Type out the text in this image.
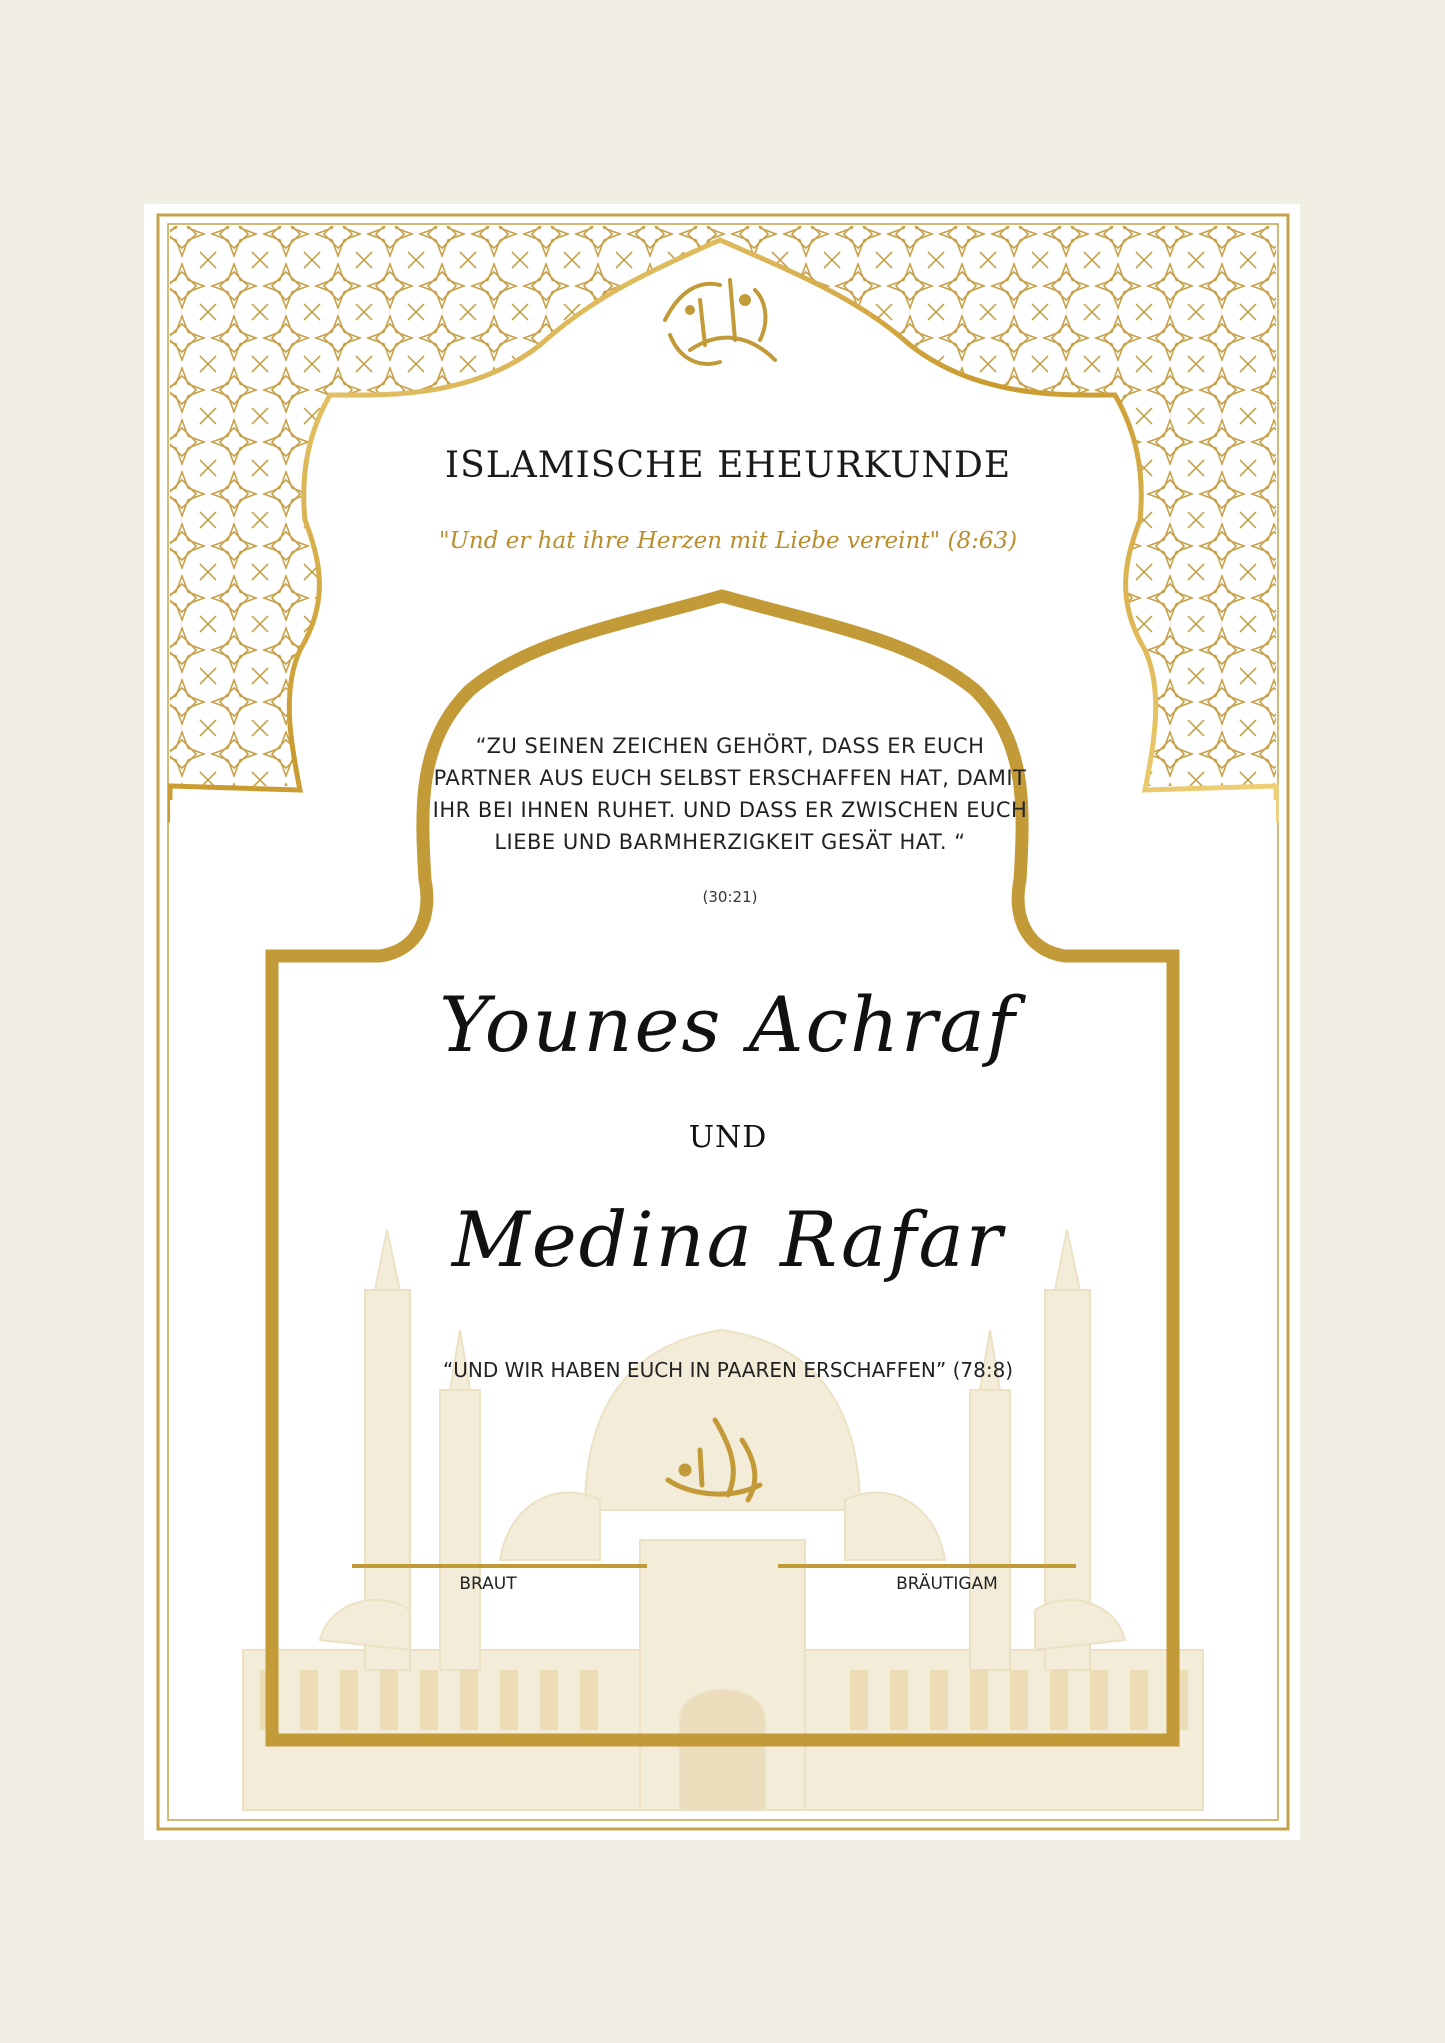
ISLAMISCHE EHEURKUNDE
"Und er hat ihre Herzen mit Liebe vereint" (8:63)
“ZU SEINEN ZEICHEN GEHÖRT, DASS ER EUCH PARTNER AUS EUCH SELBST ERSCHAFFEN HAT, DAMIT IHR BEI IHNEN RUHET. UND DASS ER ZWISCHEN EUCH LIEBE UND BARMHERZIGKEIT GESÄT HAT. “
(30:21)
Younes Achraf
UND
Medina Rafar
“UND WIR HABEN EUCH IN PAAREN ERSCHAFFEN” (78:8)
BRAUT	BRÄUTIGAM
